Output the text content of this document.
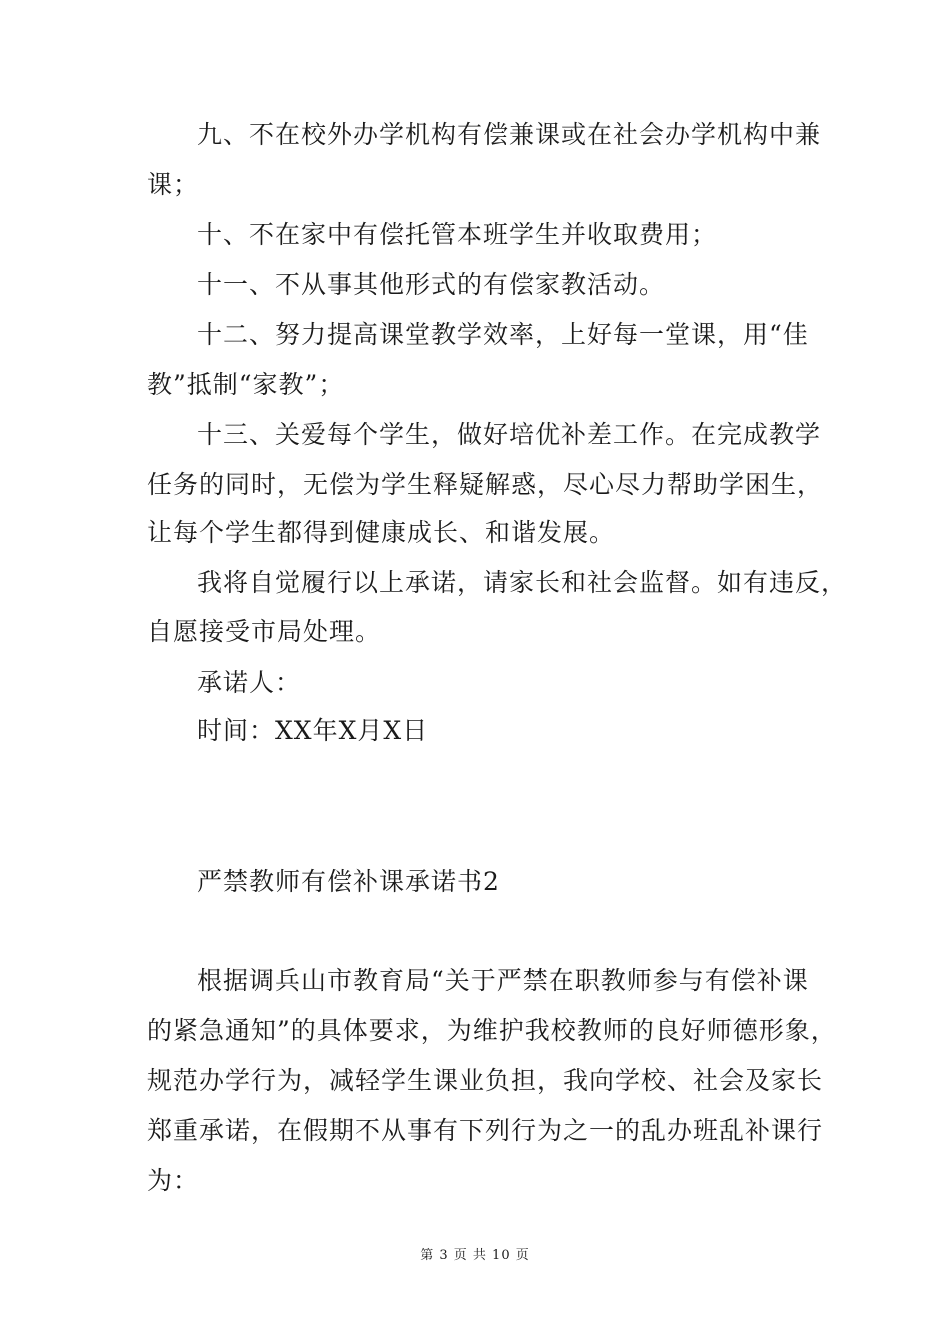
九、不在校外办学机构有偿兼课或在社会办学机构中兼
课；
十、不在家中有偿托管本班学生并收取费用；
十一、不从事其他形式的有偿家教活动。
十二、努力提高课堂教学效率，上好每一堂课，用“佳
教”抵制“家教”；
十三、关爱每个学生，做好培优补差工作。在完成教学
任务的同时，无偿为学生释疑解惑，尽心尽力帮助学困生，
让每个学生都得到健康成长、和谐发展。
我将自觉履行以上承诺，请家长和社会监督。如有违反，
自愿接受市局处理。
承诺人：
时间：XX年X月X日
严禁教师有偿补课承诺书2
根据调兵山市教育局“关于严禁在职教师参与有偿补课
的紧急通知”的具体要求，为维护我校教师的良好师德形象，
规范办学行为，减轻学生课业负担，我向学校、社会及家长
郑重承诺，在假期不从事有下列行为之一的乱办班乱补课行
为：
第 3 页 共 10 页
